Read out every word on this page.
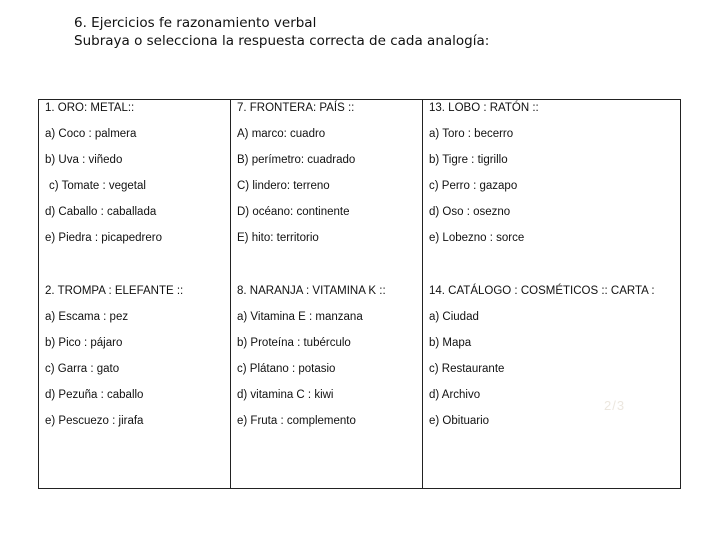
6. Ejercicios fe razonamiento verbal
Subraya o selecciona la respuesta correcta de cada analogía:
1. ORO: METAL::
a) Coco : palmera
b) Uva : viñedo
c) Tomate : vegetal
d) Caballo : caballada
e) Piedra : picapedrero
2. TROMPA : ELEFANTE ::
a) Escama : pez
b) Pico : pájaro
c) Garra : gato
d) Pezuña : caballo
e) Pescuezo : jirafa
7. FRONTERA: PAÍS ::
A) marco: cuadro
B) perímetro: cuadrado
C) lindero: terreno
D) océano: continente
E) hito: territorio
8. NARANJA : VITAMINA K ::
a) Vitamina E : manzana
b) Proteína : tubérculo
c) Plátano : potasio
d) vitamina C : kiwi
e) Fruta : complemento
13. LOBO : RATÓN ::
a) Toro : becerro
b) Tigre : tigrillo
c) Perro : gazapo
d) Oso : osezno
e) Lobezno : sorce
14. CATÁLOGO : COSMÉTICOS :: CARTA :
a) Ciudad
b) Mapa
c) Restaurante
d) Archivo
e) Obituario
2/3
